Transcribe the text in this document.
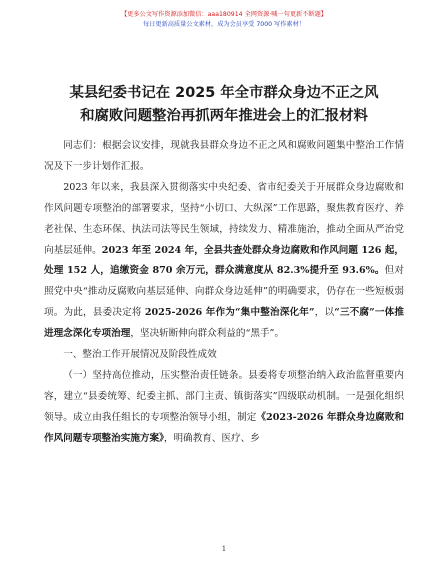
【更多公文写作资源添加微信：aaa180914 全网资源·喊一句更新不断题】
每日更新高质量公文素材，成为会员享受 7000 写作素材！
某县纪委书记在 2025 年全市群众身边不正之风
和腐败问题整治再抓两年推进会上的汇报材料

同志们：根据会议安排，现就我县群众身边不正之风和腐败问题集中整治工作情况及下一步计划作汇报。

2023 年以来，我县深入贯彻落实中央纪委、省市纪委关于开展群众身边腐败和作风问题专项整治的部署要求，坚持“小切口、大纵深”工作思路，聚焦教育医疗、养老社保、生态环保、执法司法等民生领域，持续发力、精准施治，推动全面从严治党向基层延伸。2023 年至 2024 年，全县共查处群众身边腐败和作风问题 126 起，处理 152 人，追缴资金 870 余万元，群众满意度从 82.3%提升至 93.6%。但对照党中央“推动反腐败向基层延伸、向群众身边延伸”的明确要求，仍存在一些短板弱项。为此，县委决定将 2025-2026 年作为“集中整治深化年”，以“三不腐”一体推进理念深化专项治理，坚决斩断伸向群众利益的“黑手”。

一、整治工作开展情况及阶段性成效

（一）坚持高位推动，压实整治责任链条。县委将专项整治纳入政治监督重要内容，建立“县委统筹、纪委主抓、部门主责、镇街落实”四级联动机制。一是强化组织领导。成立由我任组长的专项整治领导小组，制定《2023-2026 年群众身边腐败和作风问题专项整治实施方案》，明确教育、医疗、乡

1
